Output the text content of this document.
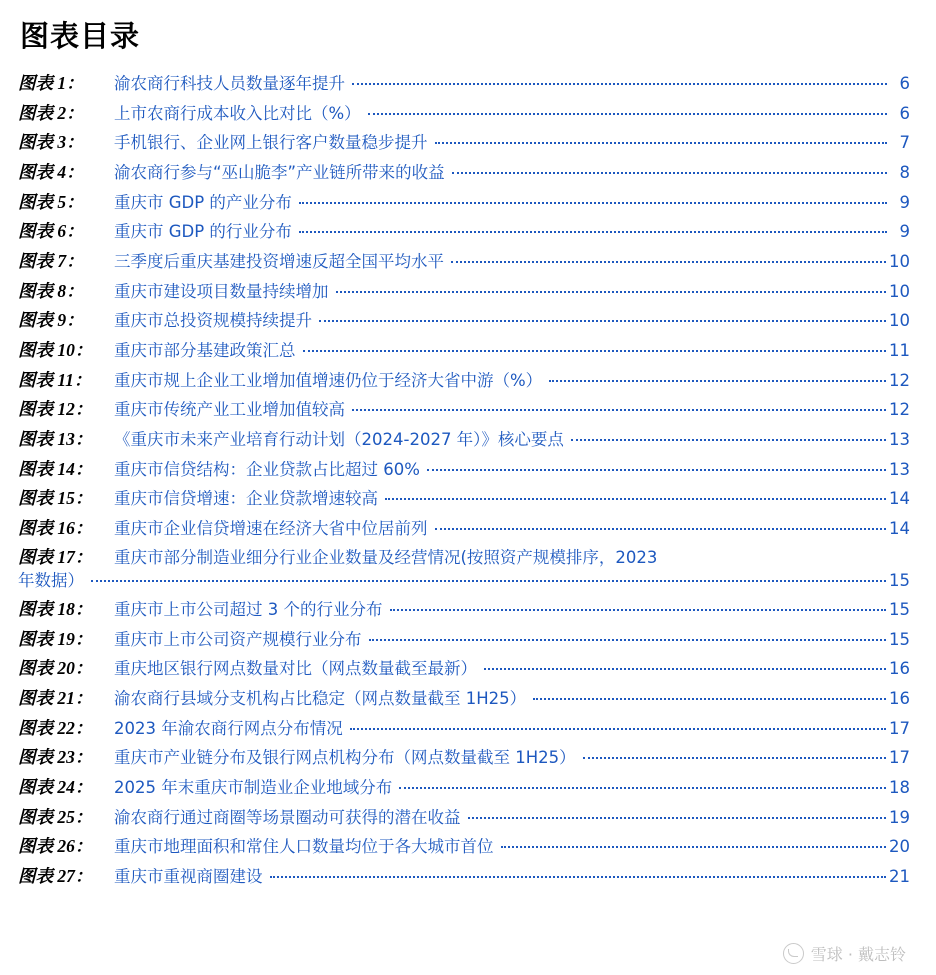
图表目录
图表 1：	渝农商行科技人员数量逐年提升	6
图表 2：	上市农商行成本收入比对比（%）	6
图表 3：	手机银行、企业网上银行客户数量稳步提升	7
图表 4：	渝农商行参与“巫山脆李”产业链所带来的收益	8
图表 5：	重庆市 GDP 的产业分布	9
图表 6：	重庆市 GDP 的行业分布	9
图表 7：	三季度后重庆基建投资增速反超全国平均水平	10
图表 8：	重庆市建设项目数量持续增加	10
图表 9：	重庆市总投资规模持续提升	10
图表 10：	重庆市部分基建政策汇总	11
图表 11：	重庆市规上企业工业增加值增速仍位于经济大省中游（%）	12
图表 12：	重庆市传统产业工业增加值较高	12
图表 13：	《重庆市未来产业培育行动计划（2024-2027 年）》核心要点	13
图表 14：	重庆市信贷结构：企业贷款占比超过 60%	13
图表 15：	重庆市信贷增速：企业贷款增速较高	14
图表 16：	重庆市企业信贷增速在经济大省中位居前列	14
图表 17：	重庆市部分制造业细分行业企业数量及经营情况(按照资产规模排序，2023
年数据）	15
图表 18：	重庆市上市公司超过 3 个的行业分布	15
图表 19：	重庆市上市公司资产规模行业分布	15
图表 20：	重庆地区银行网点数量对比（网点数量截至最新）	16
图表 21：	渝农商行县域分支机构占比稳定（网点数量截至 1H25）	16
图表 22：	2023 年渝农商行网点分布情况	17
图表 23：	重庆市产业链分布及银行网点机构分布（网点数量截至 1H25）	17
图表 24：	2025 年末重庆市制造业企业地域分布	18
图表 25：	渝农商行通过商圈等场景圈动可获得的潜在收益	19
图表 26：	重庆市地理面积和常住人口数量均位于各大城市首位	20
图表 27：	重庆市重视商圈建设	21
雪球 · 戴志铃
